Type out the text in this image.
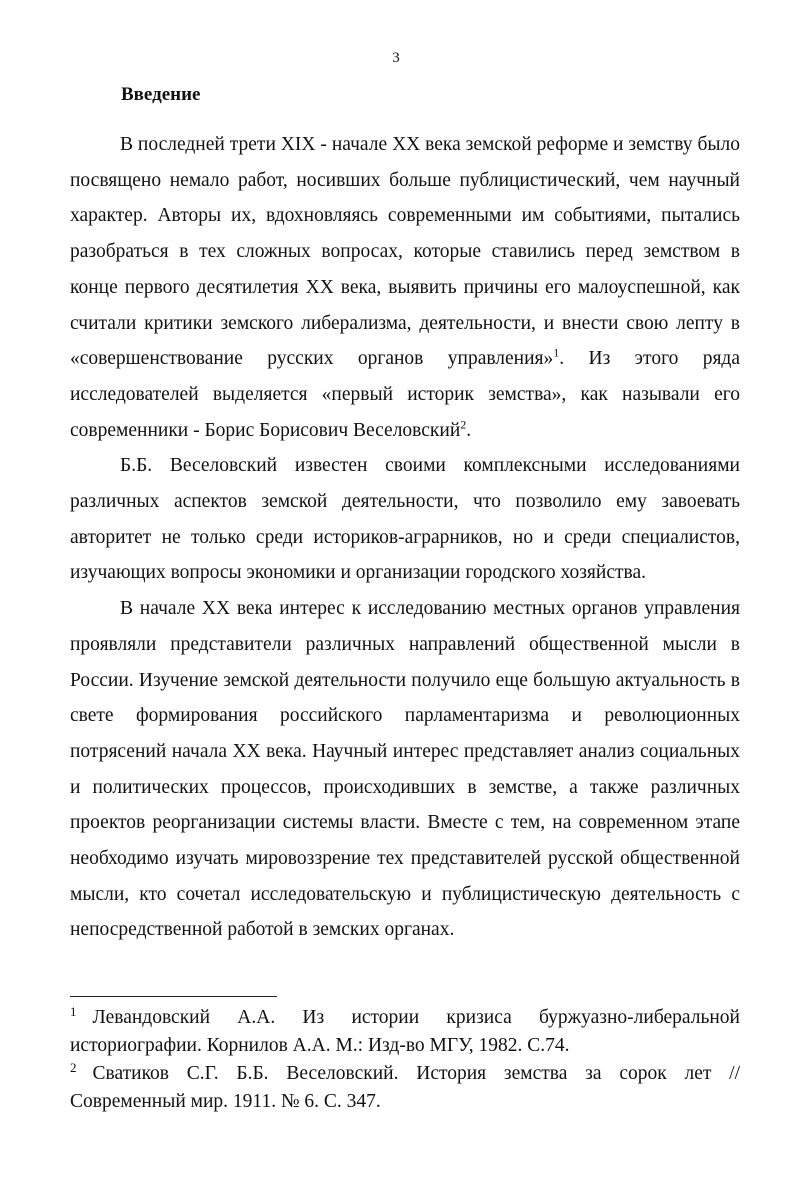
3
Введение

В последней трети XIX - начале XX века земской реформе и земству было посвящено немало работ, носивших больше публицистический, чем научный характер. Авторы их, вдохновляясь современными им событиями, пытались разобраться в тех сложных вопросах, которые ставились перед земством в конце первого десятилетия XX века, выявить причины его малоуспешной, как считали критики земского либерализма, деятельности, и внести свою лепту в «совершенствование русских органов управления»$^1$. Из этого ряда исследователей выделяется «первый историк земства», как называли его современники - Борис Борисович Веселовский$^2$.

Б.Б. Веселовский известен своими комплексными исследованиями различных аспектов земской деятельности, что позволило ему завоевать авторитет не только среди историков-аграрников, но и среди специалистов, изучающих вопросы экономики и организации городского хозяйства.

В начале XX века интерес к исследованию местных органов управления проявляли представители различных направлений общественной мысли в России. Изучение земской деятельности получило еще большую актуальность в свете формирования российского парламентаризма и революционных потрясений начала XX века. Научный интерес представляет анализ социальных и политических процессов, происходивших в земстве, а также различных проектов реорганизации системы власти. Вместе с тем, на современном этапе необходимо изучать мировоззрение тех представителей русской общественной мысли, кто сочетал исследовательскую и публицистическую деятельность с непосредственной работой в земских органах.

$^1$ Левандовский А.А. Из истории кризиса буржуазно-либеральной историографии. Корнилов А.А. М.: Изд-во МГУ, 1982. С.74.

$^2$ Сватиков С.Г. Б.Б. Веселовский. История земства за сорок лет // Современный мир. 1911. № 6. С. 347.
